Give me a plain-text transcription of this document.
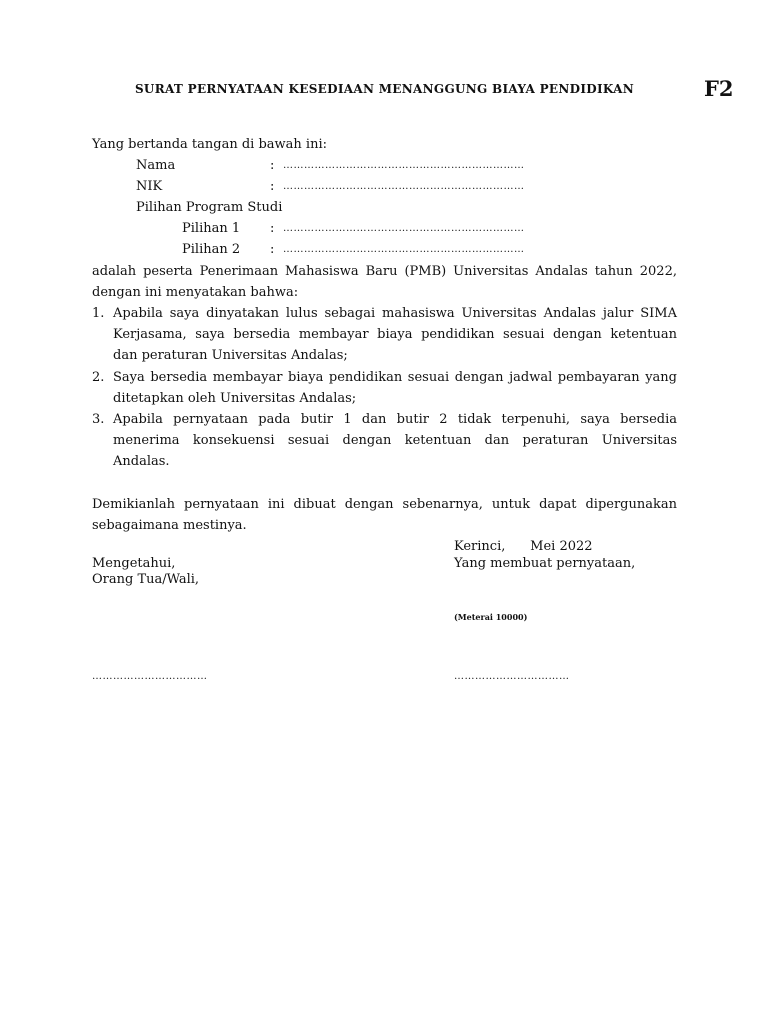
SURAT PERNYATAAN KESEDIAAN MENANGGUNG BIAYA PENDIDIKAN	F2
Yang bertanda tangan di bawah ini:
Nama	: ……………………………………………………………
NIK	: ……………………………………………………………
Pilihan Program Studi
Pilihan 1 : ……………………………………………………………
Pilihan 2 : ……………………………………………………………
adalah peserta Penerimaan Mahasiswa Baru (PMB) Universitas Andalas tahun 2022,
dengan ini menyatakan bahwa:
1. Apabila saya dinyatakan lulus sebagai mahasiswa Universitas Andalas jalur SIMA
Kerjasama, saya bersedia membayar biaya pendidikan sesuai dengan ketentuan
dan peraturan Universitas Andalas;
2. Saya bersedia membayar biaya pendidikan sesuai dengan jadwal pembayaran yang
ditetapkan oleh Universitas Andalas;
3. Apabila pernyataan pada butir 1 dan butir 2 tidak terpenuhi, saya bersedia
menerima konsekuensi sesuai dengan ketentuan dan peraturan Universitas
Andalas.
Demikianlah pernyataan ini dibuat dengan sebenarnya, untuk dapat dipergunakan
sebagaimana mestinya.
Kerinci,      Mei 2022
Mengetahui,	Yang membuat pernyataan,
Orang Tua/Wali,
(Meterai 10000)
……………………………	……………………………
